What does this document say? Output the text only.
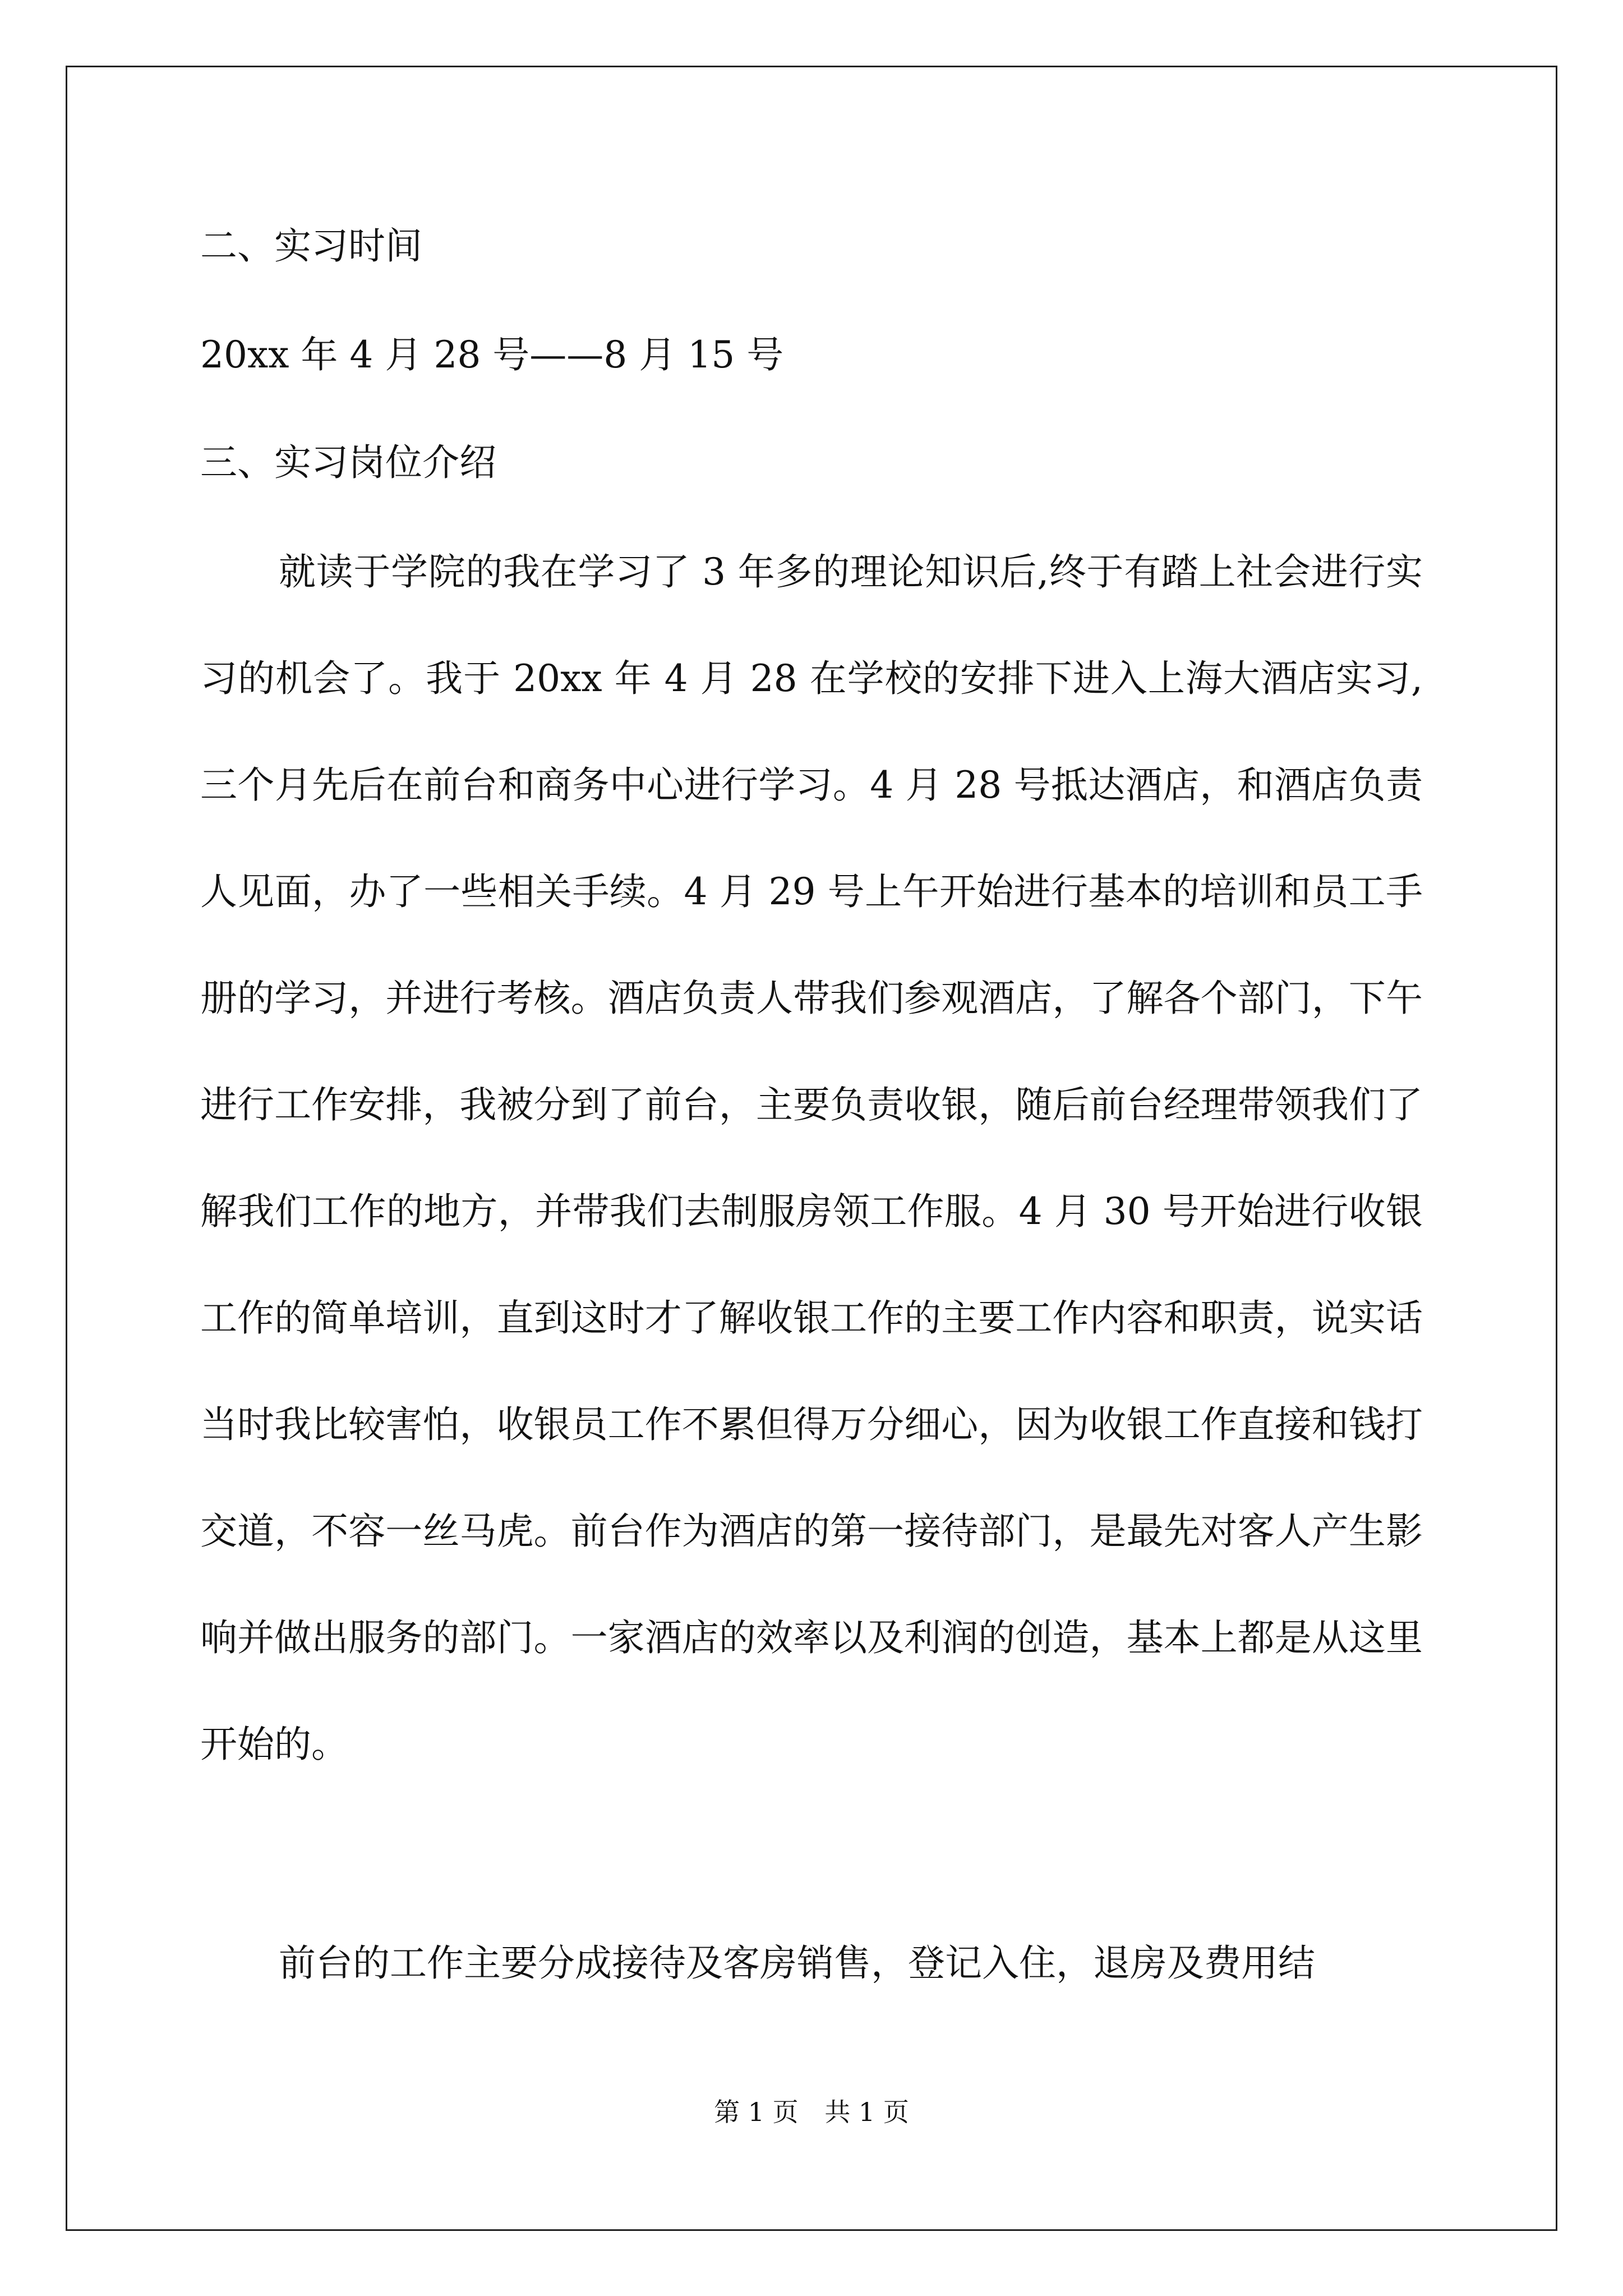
二、实习时间
20xx 年 4 月 28 号——8 月 15 号
三、实习岗位介绍
就读于学院的我在学习了 3 年多的理论知识后,终于有踏上社会进行实习的机会了。我于 20xx 年 4 月 28 在学校的安排下进入上海大酒店实习,三个月先后在前台和商务中心进行学习。4 月 28 号抵达酒店，和酒店负责人见面，办了一些相关手续。4 月 29 号上午开始进行基本的培训和员工手册的学习，并进行考核。酒店负责人带我们参观酒店，了解各个部门，下午进行工作安排，我被分到了前台，主要负责收银，随后前台经理带领我们了解我们工作的地方，并带我们去制服房领工作服。4 月 30 号开始进行收银工作的简单培训，直到这时才了解收银工作的主要工作内容和职责，说实话当时我比较害怕，收银员工作不累但得万分细心，因为收银工作直接和钱打交道，不容一丝马虎。前台作为酒店的第一接待部门，是最先对客人产生影响并做出服务的部门。一家酒店的效率以及利润的创造，基本上都是从这里开始的。
前台的工作主要分成接待及客房销售，登记入住，退房及费用结
第 1 页 共 1 页
